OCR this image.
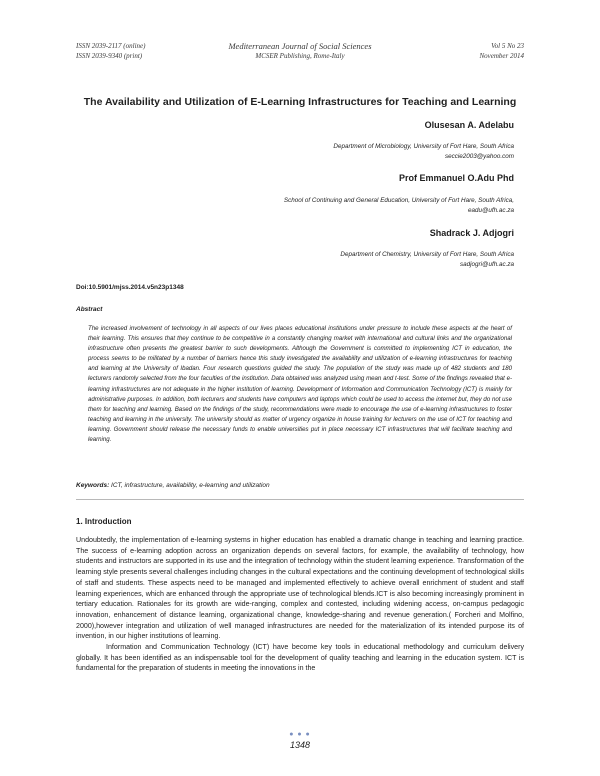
ISSN 2039-2117 (online)
ISSN 2039-9340 (print)
Mediterranean Journal of Social Sciences
MCSER Publishing, Rome-Italy
Vol 5 No 23
November 2014
The Availability and Utilization of E-Learning Infrastructures for Teaching and Learning
Olusesan A. Adelabu
Department of Microbiology, University of Fort Hare, South Africa
seccie2003@yahoo.com
Prof Emmanuel O.Adu Phd
School of Continuing and General Education, University of Fort Hare, South Africa,
eadu@ufh.ac.za
Shadrack J. Adjogri
Department of Chemistry, University of Fort Hare, South Africa
sadjogri@ufh.ac.za
Doi:10.5901/mjss.2014.v5n23p1348
Abstract
The increased involvement of technology in all aspects of our lives places educational institutions under pressure to include these aspects at the heart of their learning. This ensures that they continue to be competitive in a constantly changing market with international and cultural links and the organizational infrastructure often presents the greatest barrier to such developments. Although the Government is committed to implementing ICT in education, the process seems to be militated by a number of barriers hence this study investigated the availability and utilization of e-learning infrastructures for teaching and learning at the University of Ibadan. Four research questions guided the study. The population of the study was made up of 482 students and 180 lecturers randomly selected from the four faculties of the institution. Data obtained was analyzed using mean and t-test. Some of the findings revealed that e- learning infrastructures are not adequate in the higher institution of learning. Development of Information and Communication Technology (ICT) is mainly for administrative purposes. In addition, both lecturers and students have computers and laptops which could be used to access the internet but, they do not use them for teaching and learning. Based on the findings of the study, recommendations were made to encourage the use of e-learning infrastructures to foster teaching and learning in the university. The university should as matter of urgency organize in house training for lecturers on the use of ICT for teaching and learning. Government should release the necessary funds to enable universities put in place necessary ICT infrastructures that will facilitate teaching and learning.
Keywords: ICT, infrastructure, availability, e-learning and utilization
1. Introduction

Undoubtedly, the implementation of e-learning systems in higher education has enabled a dramatic change in teaching and learning practice. The success of e-learning adoption across an organization depends on several factors, for example, the availability of technology, how students and instructors are supported in its use and the integration of technology within the student learning experience. Transformation of the learning style presents several challenges including changes in the cultural expectations and the continuing development of technological skills of staff and students. These aspects need to be managed and implemented effectively to achieve overall enrichment of student and staff learning experiences, which are enhanced through the appropriate use of technological blends.ICT is also becoming increasingly prominent in tertiary education. Rationales for its growth are wide-ranging, complex and contested, including widening access, on-campus pedagogic innovation, enhancement of distance learning, organizational change, knowledge-sharing and revenue generation.( Forcheri and Molfino, 2000),however integration and utilization of well managed infrastructures are needed for the materialization of its intended purpose its of invention, in our higher institutions of learning.

Information and Communication Technology (ICT) have become key tools in educational methodology and curriculum delivery globally. It has been identified as an indispensable tool for the development of quality teaching and learning in the education system. ICT is fundamental for the preparation of students in meeting the innovations in the

● ● ●
1348
